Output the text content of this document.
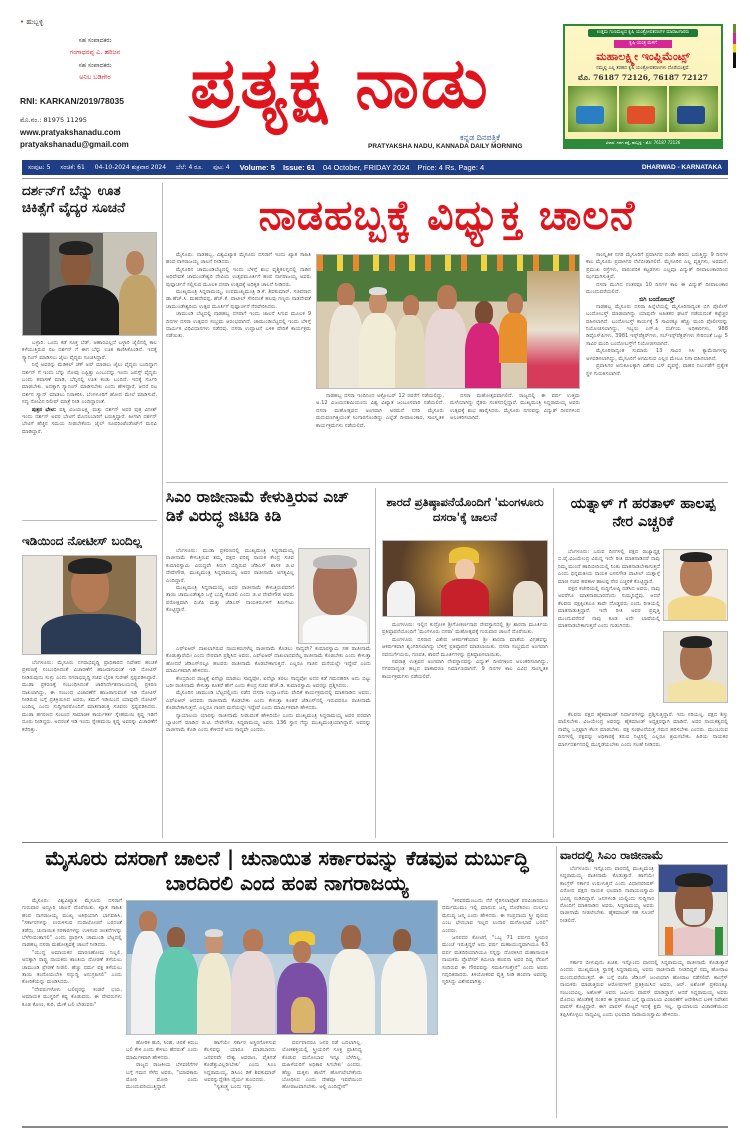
• ಹುಬ್ಬಳ್ಳಿ
ಸಹ ಸಂಪಾದಕರು
ಗಂಗಾಧರಪ್ಪ ಎ. ಹರಿಜನ
ಸಹ ಸಂಪಾದಕರು
ಅನಿಲ ಬಡಿಗೇರ
RNI: KARKAN/2019/78035
ಮೊ.ನಂ.: 81975 11295
www.pratyakshanadu.com
pratyakshanadu@gmail.com
ಪ್ರತ್ಯಕ್ಷ ನಾಡು
ಕನ್ನಡ ದಿನಪತ್ರಿಕೆ
PRATYAKSHA NADU, KANNADA DAILY MORNING
ಉತ್ತಮ ಗುಣಮಟ್ಟದ ಕೃಷಿ ಯಂತ್ರೋಪಕರಣಗಳ ಮಾರಾಟಗಾರರು
ಕೃಷಿ ಯಂತ್ರ ಮಳಿಗೆ
ಮಹಾಲಕ್ಷ್ಮೀ ಇಂಪ್ಲಿಮೆಂಟ್ಸ್
ನಮ್ಮಲ್ಲಿ ಎಲ್ಲ ತರಹದ ಕೃಷಿ ಯಂತ್ರೋಪಕರಣಗಳು ದೊರೆಯುತ್ತವೆ.
ಮೊ. 76187 72126, 76187 72127
ವಿಳಾಸ: ಗದಗ ರಸ್ತೆ, ಹುಬ್ಬಳ್ಳಿ - ಮೊ: 76187 72126
ಸಂಪುಟ: 5 ಸಂಚಿಕೆ: 61 04-10-2024 ಶುಕ್ರವಾರ 2024 ಬೆಲೆ: 4 ರೂ. ಪುಟ: 4 Volume: 5 Issue: 61 04 October, FRIDAY 2024 Price: 4 Rs. Page: 4	DHARWAD - KARNATAKA
ದರ್ಶನ್‌ಗೆ ಬೆನ್ನು ಊತ ಚಿಕಿತ್ಸೆಗೆ ವೈದ್ಯರ ಸೂಚನೆ

ಬಳ್ಳಾರಿ: ಒಂದು ಕಡೆ ಸೂಕ್ತ ಬೆಡ್, ಆಹಾರವಿಲ್ಲದೆ ಬಳ್ಳಾರಿ ಜೈಲಿನಲ್ಲಿ ಕಾಲ ಕಳೆಯುತ್ತಿರುವ ನಟ ದರ್ಶನ್ ಗೆ ಈಗ ಬೆನ್ನು ಊತ ಕಾಣಿಸಿಕೊಂಡಿದೆ. ಇದಕ್ಕೆ ಸ್ಕ್ಯಾನಿಂಗ್ ಮಾಡಿಸಲು ಜೈಲು ವೈದ್ಯರು ಸೂಚಿಸಿದ್ದಾರೆ.

ನಿನ್ನೆ ಅವರನ್ನು ಮೆಡಿಕಲ್ ಚೆಕ್ ಅಪ್ ಮಾಡಲು ಜೈಲು ವೈದ್ಯರು ಬಂದಿದ್ದಾಗ ದರ್ಶನ್ ಗೆ ಇಂದು ಬೆನ್ನು ನೋವು ಎಷ್ಟಿತ್ತು ಎಂಬುದನ್ನು ಇಂದು ಜಪಸ್ಸ್ ವೈದ್ಯರು ಬಂದು ತಪಾಸಣೆ ಮಾಡಿ, ಬೆನ್ನಿನಲ್ಲಿ ಊತ ಕಂಡು ಬಂದಿದೆ. ಇದಕ್ಕೆ ಸರ್ಜರಿ ಮಾಡಬೇಕು. ಅದಕ್ಕಾಗಿ ಸ್ಕ್ಯಾನಿಂಗ್ ಮಾಡಿಸಬೇಕು ಎಂದು ಹೇಳಿದ್ದಾರೆ. ಆದರೆ ನಟ ದರ್ಶನ ಸ್ಕ್ಯಾನ್ ಮಾಡಲು ನಿರಾಕರಿಸಿ, ಬೆಂಗಳೂರಿಗೆ ಹೋದ ಮೇಲೆ ಮಾಡಿಸುವೆ. ಸದ್ಯ ನೋವಿನ ರಿಲೀಫ್ ಮಾತ್ರೆ ನೀಡಿ ಎಂದಿದ್ದಾರಂತೆ.

ಪುತ್ರನ ಭೇಟಿ: ಪತ್ನಿ ವಿಜಯಲಕ್ಷ್ಮಿ ಮತ್ತು ದರ್ಶನ್ ಅವರ ಪುತ್ರ ವಿನೀಶ್ ಇಂದು ದರ್ಶನ್ ಅವರ ಭೇಟಿಗೆ ಮೊದಲಬಾರಿಗೆ ಬರುತ್ತಿದ್ದಾರೆ. ಹೀಗಾಗಿ ದರ್ಶನ್ ಭೇಟಿಗೆ ಹೆಚ್ಚಿನ ಸಮಯ ನೀಡಬೇಕೆಂದು ಜೈಲ್ ಸೂಪರಿಂಟೆಂಡೆಂಟ್‌ಗೆ ಮನವಿ ಮಾಡಿದ್ದಾರೆ.

ಇಡಿಯಿಂದ ನೋಟೀಸ್ ಬಂದಿಲ್ಲ

ಬೆಂಗಳೂರು: ಮೈಸೂರು ನಗರಾಭಿವೃದ್ಧಿ ಪ್ರಾಧಿಕಾರದ ನಿವೇಶನ ಹಂಚಿಕೆ ಪ್ರಕರಣಕ್ಕೆ ಸಂಬಂಧಿಸಿದಂತೆ ವಿಚಾರಣೆಗೆ ಹಾಜರಾಗುವಂತೆ ಇಡಿ ನೋಟಿಸ್ ನೀಡಿರುವುದು ಸುಳ್ಳು ಎಂದು ನಗರಾಭಿವೃದ್ಧಿ ಸಚಿವ ಬೈರತಿ ಸುರೇಶ್ ಸ್ಪಷ್ಟಪಡಿಸಿದ್ದಾರೆ. ಮುಡಾ ಪ್ರಕರಣಕ್ಕೆ ಸಂಬಂಧಿಸಿದಂತೆ ಜಾರಿನಿರ್ದೇಶನಾಲಯದಲ್ಲಿ ಪ್ರಕರಣ ದಾಖಲಾಗಿದ್ದು, ಈ ಸಂಬಂಧ ವಿಚಾರಣೆಗೆ ಹಾಜರಾಗುವಂತೆ ಇಡಿ ನೋಟಿಸ್ ನೀಡಿರುವ ಬಗ್ಗೆ ಪ್ರತಿಕ್ರಿಯಿಸಿದ ಅವರು, ತಮಗೆ ಇಡಿಯಿಂದ ಯಾವುದೇ ನೋಟಿಸ್ ಬಂದಿಲ್ಲ ಎಂದು ಸುದ್ದಿಗಾರರೊಂದಿಗೆ ಮಾತನಾಡುತ್ತ ಸಚಿವರು ಸ್ಪಷ್ಟಪಡಿಸಿದರು. ಮುಡಾ ಹಗರಣದ ಸಂಬಂಧ ಸಾಮಾಜಿಕ ಕಾರ್ಯಕರ್ತ ಸ್ನೇಹಮಯಿ ಕೃಷ್ಣ ಇಡಿಗೆ ದೂರು ನೀಡಿದ್ದರು. ಅದರಂತೆ ಇಡಿ ಇಂದು ಸ್ನೇಹಮಯಿ ಕೃಷ್ಣ ಅವರನ್ನು ವಿಚಾರಣೆಗೆ ಕರೆದಿತ್ತು.

ನಾಡಹಬ್ಬಕ್ಕೆ ವಿಧ್ಯುಕ್ತ ಚಾಲನೆ

ಮೈಸೂರು: ನಾಡಹಬ್ಬ, ವಿಶ್ವವಿಖ್ಯಾತ ಮೈಸೂರು ದಸರಾಗೆ ಇಂದು ಖ್ಯಾತ ಸಾಹಿತಿ ಹಂಪ ನಾಗರಾಜಯ್ಯ ಚಾಲನೆ ನೀಡಿದರು.

ಮೈಸೂರಿನ ಚಾಮುಂಡಿಬೆಟ್ಟದಲ್ಲಿ ಇಂದು ಬೆಳಿಗ್ಗೆ ಶುಭ ವೃಶ್ಚಿಕಲಗ್ನದಲ್ಲಿ ನಾಡಿನ ಅಧಿದೇವತೆ ಚಾಮುಂಡೇಶ್ವರಿ ದೇವಿಯ ಉತ್ಸವಮೂರ್ತಿಗೆ ಹಂಪ ನಾಗರಾಜಯ್ಯ ಅವರು ಪುಷ್ಪಾರ್ಚನೆ ಸಲ್ಲಿಸುವ ಮೂಲಕ ದಸರಾ ಉತ್ಸವಕ್ಕೆ ಅಧಿಕೃತ ಚಾಲನೆ ನೀಡಿದರು.

ಮುಖ್ಯಮಂತ್ರಿ ಸಿದ್ದರಾಮಯ್ಯ, ಉಪಮುಖ್ಯಮಂತ್ರಿ ಡಿ.ಕೆ. ಶಿವಕುಮಾರ್, ಸಚಿವರಾದ ಡಾ.ಹೆಚ್.ಸಿ. ಮಹದೇವಪ್ಪ, ಹೆಚ್.ಕೆ. ಪಾಟೀಲ್ ಸೇರಿದಂತೆ ಹಲವು ಗಣ್ಯರು ನಾಡದೇವತೆ ಚಾಮುಂಡೇಶ್ವರಿಯ ಉತ್ಸವ ಮೂರ್ತಿಗೆ ಪುಷ್ಪಾರ್ಚನೆ ನೆರವೇರಿಸಿದರು.

ಚಾಮುಂಡಿ ಬೆಟ್ಟದಲ್ಲಿ ನಾಡಹಬ್ಬ ದಸರಾಗೆ ಇಂದು ಚಾಲನೆ ಸಿಗುವ ಮೂಲಕ 9 ದಿನಗಳ ದಸರಾ ಉತ್ಸವದ ಸಂಭ್ರಮ ಆರಂಭವಾಗಿದೆ. ಚಾಮುಂಡಿಬೆಟ್ಟದಲ್ಲಿ ಇಂದು ಬೆಳಿಗ್ಗೆ ಧಾರ್ಮಿಕ ವಿಧಿವಿಧಾನಗಳು ನಡೆದವು. ದಸರಾ ಉದ್ಘಾಟನೆ ಬಳಿಕ ವೇದಿಕೆ ಕಾರ್ಯಕ್ರಮ ನಡೆಯಿತು.

ನಾಡಹಬ್ಬ ದಸರಾ ಇಂದಿನಿಂದ ಅಕ್ಟೋಬರ್ 12 ರವರೆಗೆ ನಡೆಯಲಿದ್ದು, ಅ.12 ವಿಜಯದಶಮಿಯಂದು ವಿಶ್ವ ವಿಖ್ಯಾತ ಜಂಬೂಸವಾರಿ ನಡೆಯಲಿದೆ. ದಸರಾ ಮಹೋತ್ಸವದ ಅಂಗವಾಗಿ ಅರಮನೆ ನಗರಿ ಮೈಸೂರು ಮದುವಣಗಿತ್ತಿಯಂತೆ ಸಿಂಗಾರಗೊಂಡಿದ್ದು ಎಲ್ಲೆಡೆ ದೀಪಾಲಂಕಾರ, ಸಾಂಸ್ಕೃತಿಕ ಕಾರ್ಯಕ್ರಮಗಳು ನಡೆಯಲಿವೆ.

ದಸರಾ ಮಹೋತ್ಸವವಾಗಲಿದೆ. ರಾಜ್ಯದಲ್ಲಿ ಈ ವರ್ಷ ಉತ್ತಮ ಮಳೆಯಾಗಿದ್ದು ರೈತರು ಸಂತಸದಲ್ಲಿದ್ದಾರೆ. ಮುಖ್ಯಮಂತ್ರಿ ಸಿದ್ದರಾಮಯ್ಯ ಅವರು ಉತ್ಸವಕ್ಕೆ ಶುಭ ಹಾರೈಸಿದರು. ಮೈಸೂರು ನಗರವನ್ನು ವಿದ್ಯುತ್ ದೀಪಗಳಿಂದ ಅಲಂಕರಿಸಲಾಗಿದೆ.

ಸಾಂಸ್ಕೃತಿಕ ನಗರಿ ಮೈಸೂರಿಗೆ ಪ್ರವಾಸಿಗರ ದಂಡೇ ಹರಿದು ಬರುತ್ತಿದ್ದು 9 ದಿನಗಳ ಕಾಲ ಮೈಸೂರು ಪ್ರವಾಸಿಗರ ನೆಲೆಬೀಡಾಗಲಿದೆ. ಮೈಸೂರಿನ ಎಲ್ಲ ವೃತ್ತಗಳು, ಅರಮನೆ, ಪ್ರಮುಖ ರಸ್ತೆಗಳು, ಪಾರಂಪರಿಕ ಕಟ್ಟಡಗಳು ಎಲ್ಲವೂ ವಿದ್ಯುತ್ ದೀಪಾಲಂಕಾರದಿಂದ ಝಗಮಗಿಸುತ್ತಿವೆ.

ದಸರಾ ಮುಗಿದ ನಂತರವೂ 10 ದಿನಗಳ ಕಾಲ ಈ ವಿದ್ಯುತ್ ದೀಪಾಲಂಕಾರ ಮುಂದುವರೆಯಲಿದೆ.

ಬಿಗಿ ಬಂದೋಬಸ್ತ್

ನಾಡಹಬ್ಬ ಮೈಸೂರು ದಸರಾ ಹಿನ್ನೆಲೆಯಲ್ಲಿ ಮೈಸೂರಿನಾದ್ಯಂತ ಬಿಗಿ ಪೊಲೀಸ್ ಬಂದೋಬಸ್ತ್ ಮಾಡಲಾಗಿದ್ದು ಯಾವುದೇ ಅಹಿತಕರ ಘಟನೆ ನಡೆಯದಂತೆ ಕಟ್ಟೆಚ್ಚರ ವಹಿಸಲಾಗಿದೆ. ಬಂದೋಬಸ್ತ್ ಕಾರ್ಯಕ್ಕೆ 5 ಸಾವಿರಕ್ಕೂ ಹೆಚ್ಚು ಮಂದಿ ಪೊಲೀಸರನ್ನು ನಿಯೋಜಿಸಲಾಗಿದ್ದು, ಇಬ್ಬರು ಎಸ್.ಪಿ ದರ್ಜೆಯ ಅಧಿಕಾರಿಗಳು, 988 ಡಿವೈಎಸ್‌ಪಿಗಳು, 3981 ಇನ್ಸ್‌ಪೆಕ್ಟರ್‌ಗಳು, ಸಬ್‌ಇನ್ಸ್‌ಪೆಕ್ಟರ್‌ಗಳು ಸೇರಿದಂತೆ ಒಟ್ಟು 5 ಸಾವಿರ ಮಂದಿ ಬಂದೋಬಸ್ತ್‌ಗೆ ನಿಯೋಜಿಸಲಾಗಿದೆ.

ಮೈಸೂರಿನಾದ್ಯಂತ ಸುಮಾರು 13 ಸಾವಿರ ಸಿಸಿ ಕ್ಯಾಮೆರಾಗಳನ್ನು ಅಳವಡಿಸಲಾಗಿದ್ದು, ಮೈಸೂರಿಗೆ ಆಗಮಿಸುವ ಎಲ್ಲರ ಮೇಲೂ ನಿಗಾ ವಹಿಸಲಾಗಿದೆ.

ಪ್ರವಾಸಿಗರ ಅನುಕೂಲಕ್ಕಾಗಿ ವಿಶೇಷ ಬಸ್ ವ್ಯವಸ್ಥೆ, ವಾಹನ ನಿಲುಗಡೆಗೆ ಪ್ರತ್ಯೇಕ ಸ್ಥಳ ಗುರುತಿಸಲಾಗಿದೆ.

ಸಿಎಂ ರಾಜೀನಾಮೆ ಕೇಳುತ್ತಿರುವ ಎಚ್ ಡಿಕೆ ವಿರುದ್ಧ ಜಿಟಿಡಿ ಕಿಡಿ

ಬೆಂಗಳೂರು: ಮುಡಾ ಪ್ರಕರಣದಲ್ಲಿ ಮುಖ್ಯಮಂತ್ರಿ ಸಿದ್ದರಾಮಯ್ಯ ರಾಜೀನಾಮೆ ಕೇಳುತ್ತಿರುವ ತಮ್ಮ ಪಕ್ಷದ ವರಿಷ್ಠ ನಾಯಕ ಕೇಂದ್ರ ಸಚಿವ ಕುಮಾರಸ್ವಾಮಿ ವಿರುದ್ಧವೇ ತಿರುಗಿ ಬಿದ್ದಿರುವ ಜೆಡಿಎಸ್ ಶಾಸಕ ಜಿ.ಟಿ ದೇವೇಗೌಡ, ಮುಖ್ಯಮಂತ್ರಿ ಸಿದ್ದರಾಮಯ್ಯ ಅವರ ರಾಜೀನಾಮೆ ಅಗತ್ಯವಿಲ್ಲ ಎಂದಿದ್ದಾರೆ.

ಮುಖ್ಯಮಂತ್ರಿ ಸಿದ್ದರಾಮಯ್ಯ ಅವರ ರಾಜೀನಾಮೆ ಕೇಳುತ್ತಿರುವವರಿಗೆ ತಾಯಿ ಚಾಮುಂಡೇಶ್ವರಿ ಒಳ್ಳೆ ಬುದ್ಧಿ ಕೊಡಲಿ ಎಂದು ಜಿ.ಟಿ ದೇವೇಗೌಡ ಅವರು ಪರೋಕ್ಷವಾಗಿ ಬಿಜೆಪಿ ಮತ್ತು ಜೆಡಿಎಸ್ ನಾಯಕರುಗಳಿಗೆ ತಿರುಗೇಟು ಕೊಟ್ಟಿದ್ದಾರೆ.

ಎಫ್‌ಐಆರ್ ದಾಖಲಾಗಿರುವ ನಾಯಕರುಗಳೆಲ್ಲ ರಾಜೀನಾಮೆ ಕೊಡಲು ಸಾಧ್ಯವೇ? ಕುಮಾರಸ್ವಾಮಿ ಸಹ ರಾಜೀನಾಮೆ ಕೊಡುತ್ತಾರೆಯೇ ಎಂದು ನೇರವಾಗಿ ಪ್ರಶ್ನಿಸಿದ ಅವರು, ಎಫ್‌ಐಆರ್ ದಾಖಲಾದವರೆಲ್ಲ ರಾಜೀನಾಮೆ ಕೊಡಬೇಕು ಎಂದು ಕೇಳುತ್ತಾ ಹೋದರೆ ಜೆಡಿಎಸ್‌ನಲ್ಲೂ ಹಲವರು ರಾಜೀನಾಮೆ ಕೊಡಬೇಕಾಗುತ್ತದೆ. ಎಲ್ಲರೂ ಗಾಜಿನ ಮನೆಯಲ್ಲೇ ಇದ್ದೇವೆ ಎಂದು ಮಾರ್ಮಿಕವಾಗಿ ಹೇಳಿದರು.

ಕೇಂದ್ರದಿಂದ ರಾಜ್ಯಕ್ಕೆ ಏನೆಲ್ಲಾ ಮಾಡಲು ಸಾಧ್ಯವೋ, ಏನೆಲ್ಲಾ ತರಲು ಸಾಧ್ಯವೋ ಅದರ ಕಡೆ ಗಮನಹರಿಸಿ ಅದು ಬಿಟ್ಟು ಬರೀ ರಾಜೀನಾಮೆ ಕೇಳುತ್ತಾ ಕೂತರೆ ಹೇಗೆ ಎಂದು ಕೇಂದ್ರ ಸಚಿವ ಹೆಚ್.ಡಿ. ಕುಮಾರಸ್ವಾಮಿ ಅವರನ್ನು ಪ್ರಶ್ನಿಸಿದರು.

ಮೈಸೂರಿನ ಚಾಮುಂಡಿ ಬೆಟ್ಟದಲ್ಲಿಂದು ನಡೆದ ದಸರಾ ಉದ್ಘಾಟನೆಯ ವೇದಿಕೆ ಕಾರ್ಯಕ್ರಮದಲ್ಲಿ ಮಾತನಾಡಿದ ಅವರು, ಎಫ್‌ಐಆರ್ ಆದವರು ರಾಜೀನಾಮೆ ಕೊಡಬೇಕು ಎಂದು ಕೇಳುತ್ತಾ ಕೂತರೆ ಜೆಡಿಎಸ್‌ನಲ್ಲಿ ಇರುವವರೂ ರಾಜೀನಾಮೆ ಕೊಡಬೇಕಾಗುತ್ತದೆ. ಎಲ್ಲರೂ ಗಾಜಿನ ಮನೆಯಲ್ಲೇ ಇದ್ದೇವೆ ಎಂದು ಮಾರ್ಮಿಕವಾಗಿ ಹೇಳಿದರು.

ನ್ಯಾಯಾಲಯ ಯಾರನ್ನು ರಾಜೀನಾಮೆ ನೀಡುವಂತೆ ಹೇಳಿದಿಯೇ ಎಂದು ಮುಖ್ಯಮಂತ್ರಿ ಸಿದ್ದರಾಮಯ್ಯ ಅವರ ಪರವಾಗಿ ಬ್ಯಾಟಿಂಗ್ ಮಾಡಿದ ಜಿ.ಟಿ. ದೇವೇಗೌಡ, ಸಿದ್ದರಾಮಯ್ಯ ಅವರು 136 ಸ್ಥಾನ ಗೆದ್ದು ಮುಖ್ಯಮಂತ್ರಿಯಾಗಿದ್ದಾರೆ. ಅವರನ್ನು ರಾಜೀನಾಮೆ ಕೊಡಿ ಎಂದು ಕೇಳಿದರೆ ಅದು ಸಾಧ್ಯವೇ ಎಂದರು.

ಶಾರದೆ ಪ್ರತಿಷ್ಠಾಪನೆಯೊಂದಿಗೆ 'ಮಂಗಳೂರು ದಸರಾ'ಕ್ಕೆ ಚಾಲನೆ

ಮಂಗಳೂರು: ಇಲ್ಲಿನ ಕುದ್ರೋಳಿ ಶ್ರೀಗೋಕರ್ಣನಾಥ ದೇವಸ್ಥಾನದಲ್ಲಿ ಶ್ರೀ ಶಾರದಾ ಮೂರ್ತಿಯ ಪ್ರತಿಷ್ಠಾಪನೆಯೊಂದಿಗೆ 'ಮಂಗಳೂರು ದಸರಾ' ಮಹೋತ್ಸವಕ್ಕೆ ಗುರುವಾರ ಚಾಲನೆ ದೊರೆಯಿತು.

ಮಂಗಳೂರು ದಸರಾದ ವಿಶೇಷ ಆಕರ್ಷಣೆಯಾದ ಶ್ರೀ ಶಾರದಾ ಮಾತೆಯ ವಿಗ್ರಹವನ್ನು ಆಕರ್ಷಕವಾಗಿ ಶೃಂಗರಿಸಲಾಗಿದ್ದು ಬೆಳಿಗ್ಗೆ ಪ್ರತಿಷ್ಠಾಪನೆ ಮಾಡಲಾಯಿತು. ದಸರಾ ಸಂಭ್ರಮದ ಅಂಗವಾಗಿ ನವದುರ್ಗೆಯರು, ಗಣಪತಿ, ಶಾರದೆ ಮೂರ್ತಿಗಳನ್ನು ಪ್ರತಿಷ್ಠಾಪಿಸಲಾಯಿತು.

ನವರಾತ್ರಿ ಉತ್ಸವದ ಅಂಗವಾಗಿ ದೇವಸ್ಥಾನವನ್ನು ವಿದ್ಯುತ್ ದೀಪಗಳಿಂದ ಅಲಂಕರಿಸಲಾಗಿದ್ದು, ನಗರದಾದ್ಯಂತ ಹಬ್ಬದ ವಾತಾವರಣ ನಿರ್ಮಾಣವಾಗಿದೆ. 9 ದಿನಗಳ ಕಾಲ ವಿವಿಧ ಸಾಂಸ್ಕೃತಿಕ ಕಾರ್ಯಕ್ರಮಗಳು ನಡೆಯಲಿವೆ.

ಯತ್ನಾಳ್ ಗೆ ಹರತಾಳ್ ಹಾಲಪ್ಪ ನೇರ ಎಚ್ಚರಿಕೆ

ಬೆಂಗಳೂರು: ಬರುವ ದಿನಗಳಲ್ಲಿ ಪಕ್ಷದ ರಾಜ್ಯಾಧ್ಯಕ್ಷ ಬಿ.ವೈ.ವಿಜಯೇಂದ್ರ ವಿರುದ್ಧ ಇದೇ ರೀತಿ ಮಾತನಾಡಿದರೆ ನಾವು ನಿಮ್ಮ ಮುಂದೆ ಹಾದಿಬೀದಿಯಲ್ಲಿ ನಿಂತು ಮಾತನಾಡಬೇಕಾಗುತ್ತದೆ ಎಂದು ಭಿನ್ನಮತೀಯ ನಾಯಕ ಬಸನಗೌಡ ಪಾಟೀಲ್ ಯತ್ನಾಳ್ಗೆ ಮಾಜಿ ಸಚಿವ ಹರತಾಳ ಹಾಲಪ್ಪ ನೇರ ಎಚ್ಚರಿಕೆ ಕೊಟ್ಟಿದ್ದಾರೆ.

ಪಕ್ಷದ ಕಚೇರಿಯಲ್ಲಿ ಸುದ್ದಿಗೋಷ್ಠಿ ನಡೆಸಿದ ಅವರು, ನಾವು ಅವರೆಗೂ ಮಾತನಾಡಬಾರದೆಂದು ಸುಮ್ಮನಿದ್ದೆವು. ಆದರೆ ಕೆಲವರು ಪಕ್ಷಕ್ಕಿಂತಲೂ ತಾವೇ ದೊಡ್ಡವರು ಎಂದು ರೀತಿಯಲ್ಲಿ ಮಾತನಾಡುತ್ತಿದ್ದಾರೆ. ಇದೇ ರೀತಿ ಅವರ ಪ್ರವೃತ್ತಿ ಮುಂದುವರೆದರೆ ನಾವು ಕೂಡ ಅದೇ ಭಾಷೆಯಲ್ಲಿ ಮಾತನಾಡಬೇಕಾಗುತ್ತದೆ ಎಂದು ಗುಡುಗಿದರು.

ಕೆಲವರು ಪಕ್ಷದ ಹೈಕಮಾಂಡ್ ನಿರ್ಧಾರಗಳನ್ನು ಪ್ರಶ್ನಿಸುತ್ತಿದ್ದಾರೆ. ಇದು ಸರಿಯಲ್ಲ. ಪಕ್ಷದ ಶಿಸ್ತು ಪಾಲಿಸಬೇಕು. ವಿಜಯೇಂದ್ರ ಅವರನ್ನು ಹೈಕಮಾಂಡ್ ಅಧ್ಯಕ್ಷರನ್ನಾಗಿ ಮಾಡಿದೆ. ಅವರ ನಾಯಕತ್ವದಲ್ಲಿ ನಾವೆಲ್ಲ ಒಗ್ಗಟ್ಟಾಗಿ ಕೆಲಸ ಮಾಡಬೇಕು. ಪಕ್ಷ ಸಂಘಟನೆಯತ್ತ ಗಮನ ಹರಿಸಬೇಕು ಎಂದರು. ಮುಂಬರುವ ದಿನಗಳಲ್ಲಿ ಪಕ್ಷವನ್ನು ಅಧಿಕಾರಕ್ಕೆ ತರುವ ನಿಟ್ಟಿನಲ್ಲಿ ಎಲ್ಲರೂ ಶ್ರಮಿಸಬೇಕು. ಹಿರಿಯ ನಾಯಕರ ಮಾರ್ಗದರ್ಶನದಲ್ಲಿ ಮುನ್ನಡೆಯಬೇಕು ಎಂದು ಸಲಹೆ ನೀಡಿದರು.

ಮೈಸೂರು ದಸರಾಗೆ ಚಾಲನೆ | ಚುನಾಯಿತ ಸರ್ಕಾರವನ್ನು ಕೆಡವುವ ದುರ್ಬುದ್ಧಿ ಬಾರದಿರಲಿ ಎಂದ ಹಂಪ ನಾಗರಾಜಯ್ಯ

ಮೈಸೂರು: ವಿಶ್ವವಿಖ್ಯಾತ ಮೈಸೂರು ದಸರಾಗೆ ಗುರುವಾರ ಅದ್ದೂರಿ ಚಾಲನೆ ದೊರೆಯಿತು. ಖ್ಯಾತ ಸಾಹಿತಿ ಹಂಪ ನಾಗರಾಜಯ್ಯ ಮುಖ್ಯ ಅತಿಥಿಯಾಗಿ ಭಾಗವಹಿಸಿ, "ಸರ್ಕಾರಗಳನ್ನು ಉರುಳಿಸುವ ದುರಾಲೋಚನೆ ಬರದಂತೆ ತಡೆದು, ಚುನಾಯಿತ ಸರಕಾರಗಳನ್ನು ಉಳಿಸುವ ಚಿಂತನೆಗಳನ್ನು ಬೆಳೆಸುವಂತಾಗಲಿ" ಎಂದು ಪ್ರಾರ್ಥಿಸಿ ಚಾಮುಂಡಿ ಬೆಟ್ಟದಲ್ಲಿ ನಾಡಹಬ್ಬ ದಸರಾ ಮಹೋತ್ಸವಕ್ಕೆ ಚಾಲನೆ ನೀಡಿದರು.

"ಯುದ್ಧ ಅಮಾಯಕರ ಮಾರಣಹೋಮ ನಿಲ್ಲಲಿ, ಅದಕ್ಕಾಗಿ ರಾಷ್ಟ್ರ ನಾಯಕರು ಶಾಂತಿಯ ಧೋರಣೆ ತಳೆಯಲು ಚಾಮುಂಡಿ ಪ್ರೇರಣೆ ನೀಡಲಿ. ಹೆಚ್ಚು ಧರ್ಮ ಪಕ್ಷ ತಳೆಯಲು ತಾಯಿ ತಂದೊಯಬೇಕಿ ಸದ್ಬುದ್ಧಿ ಅನುಗ್ರಹಿಸಲಿ" ಎಂದು ಕೋರಿಕೆಯನ್ನು ಮಂಡಿಸಿದರು.

"ದೇವರುಗಳೊಳು ಬಲಿಷ್ಠರನ್ನು ಕಂಡರೆ ಭಯ, ಅಮಾಯಕ ಮುಗ್ಧರಿಗೆ ಕಷ್ಟ ಕೊಡುವರು. ಈ ದೇವರುಗಳು ಕೂಡ ಕೋಣ, ಕುರಿ, ಮೇಕೆ ಬಲಿ ಬೇಡುವರು"

ಹೋರಿಕ ಹುರಿ, ಸಿಂಹ, ಚಿರತೆ ಕಿರುಬ ಬಲಿ ಕೇಳಿ ಎಂದು ಕೇಳಲು ಹೆದರುತೆ' ಎಂದು ಮಾರ್ಮಿಕವಾಗಿ ಹೇಳಿದರು.

ರಾಜ್ಯದ ರಾಜಕೀಯ ಬೆಳವಣಿಗೆಗಳ ಬಗ್ಗೆ ಗಮನ ಸೆಳೆದ ಅವರು, "ಯಾವಕಾರು ಮೋರಿ ಮೋರಿ ಎಂದು ಮುಂದುವರಿಯುತ್ತಿದ್ದಾರೆ.

ಹಾಗೆಯೇ ಸರ್ಕಾರ ಅಸ್ಥಿರಗೊಳಿಸುವ ಕೆಲಸವನ್ನು ಯಾರೂ ಮಾಡಬಾರದು ಜನವನವೇ ದೇಶ್ವ ಅವರಾಣ, ವೈತಿಗಡೆ ಕೊಡೆತ್ತುವಿಲ್ಲರೀಬೇಕು' ಎಂದು ಸಿಎಂ ಸಿದ್ದರಾಮಯ್ಯ, ಡಿಸಿಎಂ ಡಿಕೆ ಶಿವಕುಮಾರ್ ಅವರನ್ನುದ್ದೇಶಿಸಿ ಧೈರ್ಯ ತುಂಬಿದರು.

"ಸ್ವತಂತ್ರ್ಯ ಬಂದು ಇಷ್ಟು

ವರ್ಷವಾದರೂ ಜನರ ನಡೆ ಬದಲಾಗಿಲ್ಲ. ಲೋಕಶಕ್ತಿಯಲ್ಲಿ ಸ್ತ್ರೀಯರಿಗೆ ಸೂಕ್ತ ಪ್ರಾತಿನಿಧ್ಯ ಕೊಡುವ ಮನೋಭಾವ ಇನ್ನೂ ಬೆಳೆದಿಲ್ಲ. ಮಹಿಳೆಯರಿಗೆ ಅಧಿಕಾರ ಸಿಗಬೇಕು' ಎಂದರು. ಹೆಣ್ಣು ಮಕ್ಕಳು ಶಾಲೆಗೆ ಹೋಗಲೇಬೇಕೆಂದು ಬೋಧಿಸಿದ ಎಂದು ದೇಶವೂ ಇವರೆಯಿಂದ ಹೋರಾಟವಾಗಬೇಕು. ಅಲ್ಲಿ ಎಂದಿದ್ದೇನೆ"

"ಕಸವರಮೆಂಬುದು ನೆರೆ ಸೈರಿಸಲಾಪೊಡೆ ಪರವಿಚಾರಮುಂ ಧರ್ಮಮುಮಂ ಇಲ್ಲಿ ಮಾನುಷ ಜನ್ಮ ದೊರೆತಿರಲು ದುರ್ಲಭ ಮನುಷ್ಯ ಜನ್ಮ ಎಂದು ಹೇಳಿದರು. ಈ ಸಂಪ್ರದಾಯ ಸ್ತ್ರೀ ಪುರುಷ ಎಂಬ ಭೇದಭಾವ ಇಲ್ಲದ ಉದಾರ ಮನೋಭಾವ ಬರಲಿ" ಎಂದರು.

ಜನಪದರ ಕೋಟಿಗೆ, "ಒಬ್ಬ 71 ವರ್ಷದ ಸ್ತ್ರೀಯರ ಮುಂಚೆ ಇರುತ್ತಿದ್ದರೆ ಅದು ವರ್ಷ ಮಹಾಯುದ್ಧವಾಗಿಯೂ 63 ವರ್ಷ ಮತದಿರಿಯಾಗಿಯೂ ನನ್ನನ್ನು ದೊರಕಿಸಿದ ಮಹಾನಾಯಕ ನಾಯಕರು ಪ್ರೊಫೆಸರ್ ಕಮೀಲಾ ಹಂಪನಾ ಅವರ ದಿವ್ಯ ನೆನಪಿಗೆ ಸಂದಿರುವ ಈ ಗೌರವವನ್ನು ಸಮರ್ಪಿಸುತ್ತೇನೆ" ಎಂದು ಅವರು ಗದ್ಗದಿತರಾದರು. ತಿಳಿಯೋಕರವ ವೃತ್ತಿ ನೀಡಿ ಹಂಪನಾ ಅವರನ್ನು ಸ್ಮರಿಸಿದ್ದು ವಿಶೇಷವಾಗಿತ್ತು.

ವಾರದಲ್ಲಿ ಸಿಎಂ ರಾಜೀನಾಮೆ

ಬೆಂಗಳೂರು: ಇನ್ನೊಂದು ವಾರದಲ್ಲಿ ಮುಖ್ಯಮಂತ್ರಿ ಸಿದ್ದರಾಮಯ್ಯ ರಾಜೀನಾಮೆ ಕೊಡುತ್ತಾರೆ. ಹಾಗೆಯೇ ಕಾಂಗ್ರೆಸ್ ಸರ್ಕಾರ ಉರುಳುತ್ತದೆ ಎಂದು ವಿಧಾನಪರಿಷತ್ ವಿರೋಧ ಪಕ್ಷದ ನಾಯಕ ಛಲವಾದಿ ನಾರಾಯಣಸ್ವಾಮಿ ಭವಿಷ್ಯ ನುಡಿದಿದ್ದಾರೆ. ಜನಗಳಂಡಿ ಯಲ್ಲಿಂದು ಸುದ್ದಿಗಾರ ರೊಂದಿಗೆ ಮಾತನಾಡಿದ ಅವರು, ಸಿದ್ದರಾಮಯ್ಯ ಅವರು ರಾಜೀನಾಮೆ ನೀಡಲೇಬೇಕು. ಹೈಕಮಾಂಡ್ ಸಹ ಸೂಚನೆ ನೀಡಲಿದೆ.

ಸರ್ಕಾರ ಬೀಳುವುದು ಖಚಿತ. ಇನ್ನೊಂದು ವಾರದಲ್ಲಿ ಸಿದ್ದರಾಮಯ್ಯ ರಾಜೀನಾಮೆ ಕೊಡುತ್ತಾರೆ ಎಂದರು. ಮುಖ್ಯಮಂತ್ರಿ ಸ್ಥಾನಕ್ಕೆ ಸಿದ್ದರಾಮಯ್ಯ ಅವರು ರಾಜೀನಾಮೆ ನೀಡದಿದ್ದರೆ ನಮ್ಮ ಹೋರಾಟ ಮುಂದುವರೆಯುತ್ತದೆ. ಈ ಬಗ್ಗೆ ಬಿಜೆಪಿ ಜೆಡಿಎಸ್ ಜಂಟಿಯಾಗಿ ಹೋರಾಟ ನಡೆಸಲಿವೆ. ಕಾಂಗ್ರೆಸ್ ನಾಯಕರು ಮಾಡುತ್ತಿರುವ ಆರೋಪಗಳಿಗೆ ಪ್ರತಿಕ್ರಿಯಿಸಿದ ಅವರು, ಆರ್. ಅಶೋಕ್ ಪ್ರಕರಣಕ್ಕೂ ಸಂಬಂಧವಿಲ್ಲ. ಅಶೋಕ್ ಅವರು ಜಮೀನು ವಾಪಸ್ ಮಾಡಿದ್ದಾರೆ. ಆದರೆ ಸಿದ್ದರಾಮಯ್ಯ ಅವರು ಮೊದಲು ಹೊಡೆತಕ್ಕೆ ನಂತರ ಈ ಪ್ರಕರಣದ ಬಗ್ಗೆ ನ್ಯಾಯಾಲಯ ವಿಚಾರಣೆಗೆ ಆದೇಶಿಸಿದ ಬಳಿಕ ನಿವೇಶನ ವಾಪಸ್ ಕೊಟ್ಟಿದ್ದಾರೆ. ಈಗ ವಾಪಸ್ ಕೊಟ್ಟರೆ ಇದಕ್ಕೆ ಕ್ಷಮೆ ಇಲ್ಲ. ನ್ಯಾಯಾಲಯ ವಿಚಾರಣೆಯಿಂದ ತಪ್ಪಿಸಿಕೊಳ್ಳಲು ಸಾಧ್ಯವಿಲ್ಲ ಎಂದು ಛಲವಾದಿ ನಾರಾಯಣಸ್ವಾಮಿ ಹೇಳಿದರು.
